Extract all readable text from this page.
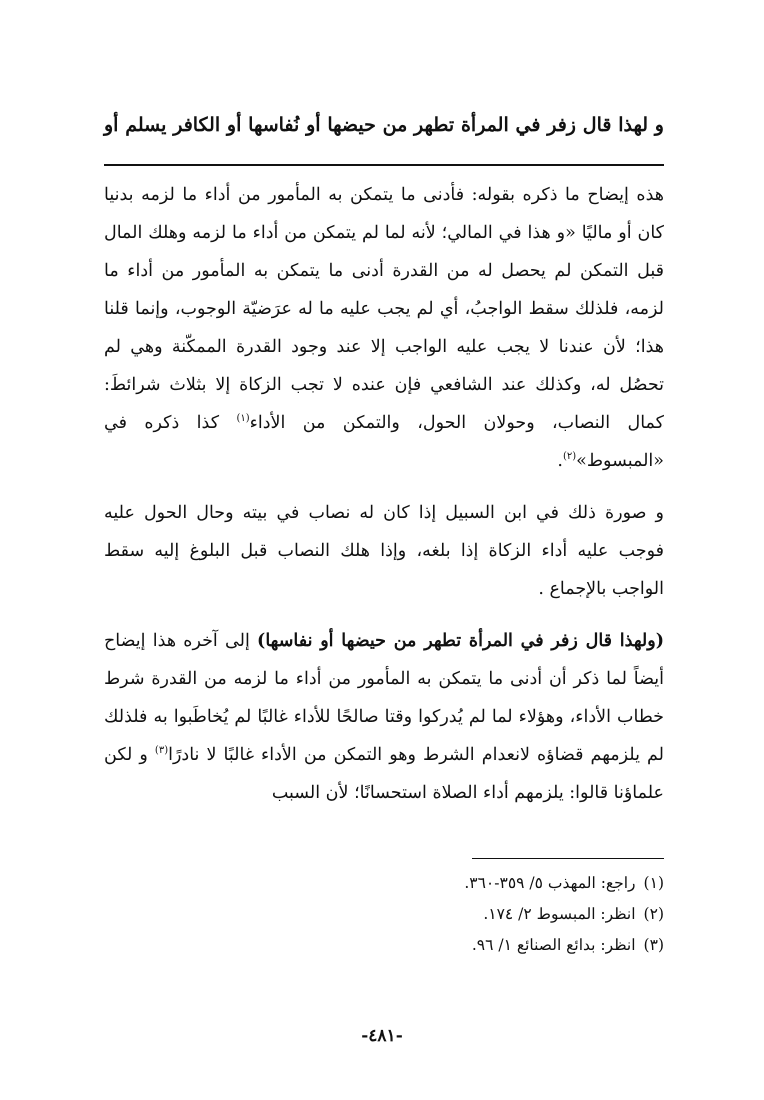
و لهذا قال زفر في المرأة تطهر من حيضها أو نُفاسها أو الكافر يسلم أو

هذه إيضاح ما ذكره بقوله: فأدنى ما يتمكن به المأمور من أداء ما لزمه بدنيا كان أو ماليًا «و هذا في المالي؛ لأنه لما لم يتمكن من أداء ما لزمه وهلك المال قبل التمكن لم يحصل له من القدرة أدنى ما يتمكن به المأمور من أداء ما لزمه، فلذلك سقط الواجبُ، أي لم يجب عليه ما له عرَضيّة الوجوب، وإنما قلنا هذا؛ لأن عندنا لا يجب عليه الواجب إلا عند وجود القدرة الممكّنة وهي لم تحصُل له، وكذلك عند الشافعي فإن عنده لا تجب الزكاة إلا بثلاث شرائطَ: كمال النصاب، وحولان الحول، والتمكن من الأداء$^{(١)}$ كذا ذكره في «المبسوط»$^{(٢)}$.

و صورة ذلك في ابن السبيل إذا كان له نصاب في بيته وحال الحول عليه فوجب عليه أداء الزكاة إذا بلغه، وإذا هلك النصاب قبل البلوغ إليه سقط الواجب بالإجماع .

(ولهذا قال زفر في المرأة تطهر من حيضها أو نفاسها) إلى آخره هذا إيضاح أيضاً لما ذكر أن أدنى ما يتمكن به المأمور من أداء ما لزمه من القدرة شرط خطاب الأداء، وهؤلاء لما لم يُدركوا وقتا صالحًا للأداء غالبًا لم يُخاطَبوا به فلذلك لم يلزمهم قضاؤه لانعدام الشرط وهو التمكن من الأداء غالبًا لا نادرًا$^{(٣)}$ و لكن علماؤنا قالوا: يلزمهم أداء الصلاة استحسانًا؛ لأن السبب

(١)راجع: المهذب ٥/ ٣٥٩-٣٦٠.
(٢)انظر: المبسوط ٢/ ١٧٤.
(٣)انظر: بدائع الصنائع ١/ ٩٦.
-٤٨١-
